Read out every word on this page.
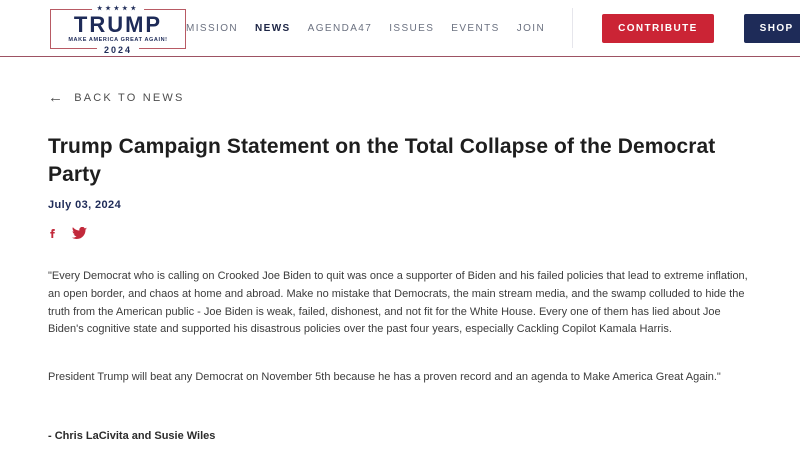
★★★★★
TRUMP
MAKE AMERICA GREAT AGAIN!
2024
MISSION NEWS AGENDA47 ISSUES EVENTS JOIN	CONTRIBUTE	SHOP
← BACK TO NEWS
Trump Campaign Statement on the Total Collapse of the Democrat Party
July 03, 2024

"Every Democrat who is calling on Crooked Joe Biden to quit was once a supporter of Biden and his failed policies that lead to extreme inflation, an open border, and chaos at home and abroad. Make no mistake that Democrats, the main stream media, and the swamp colluded to hide the truth from the American public - Joe Biden is weak, failed, dishonest, and not fit for the White House. Every one of them has lied about Joe Biden's cognitive state and supported his disastrous policies over the past four years, especially Cackling Copilot Kamala Harris.

President Trump will beat any Democrat on November 5th because he has a proven record and an agenda to Make America Great Again."

- Chris LaCivita and Susie Wiles
